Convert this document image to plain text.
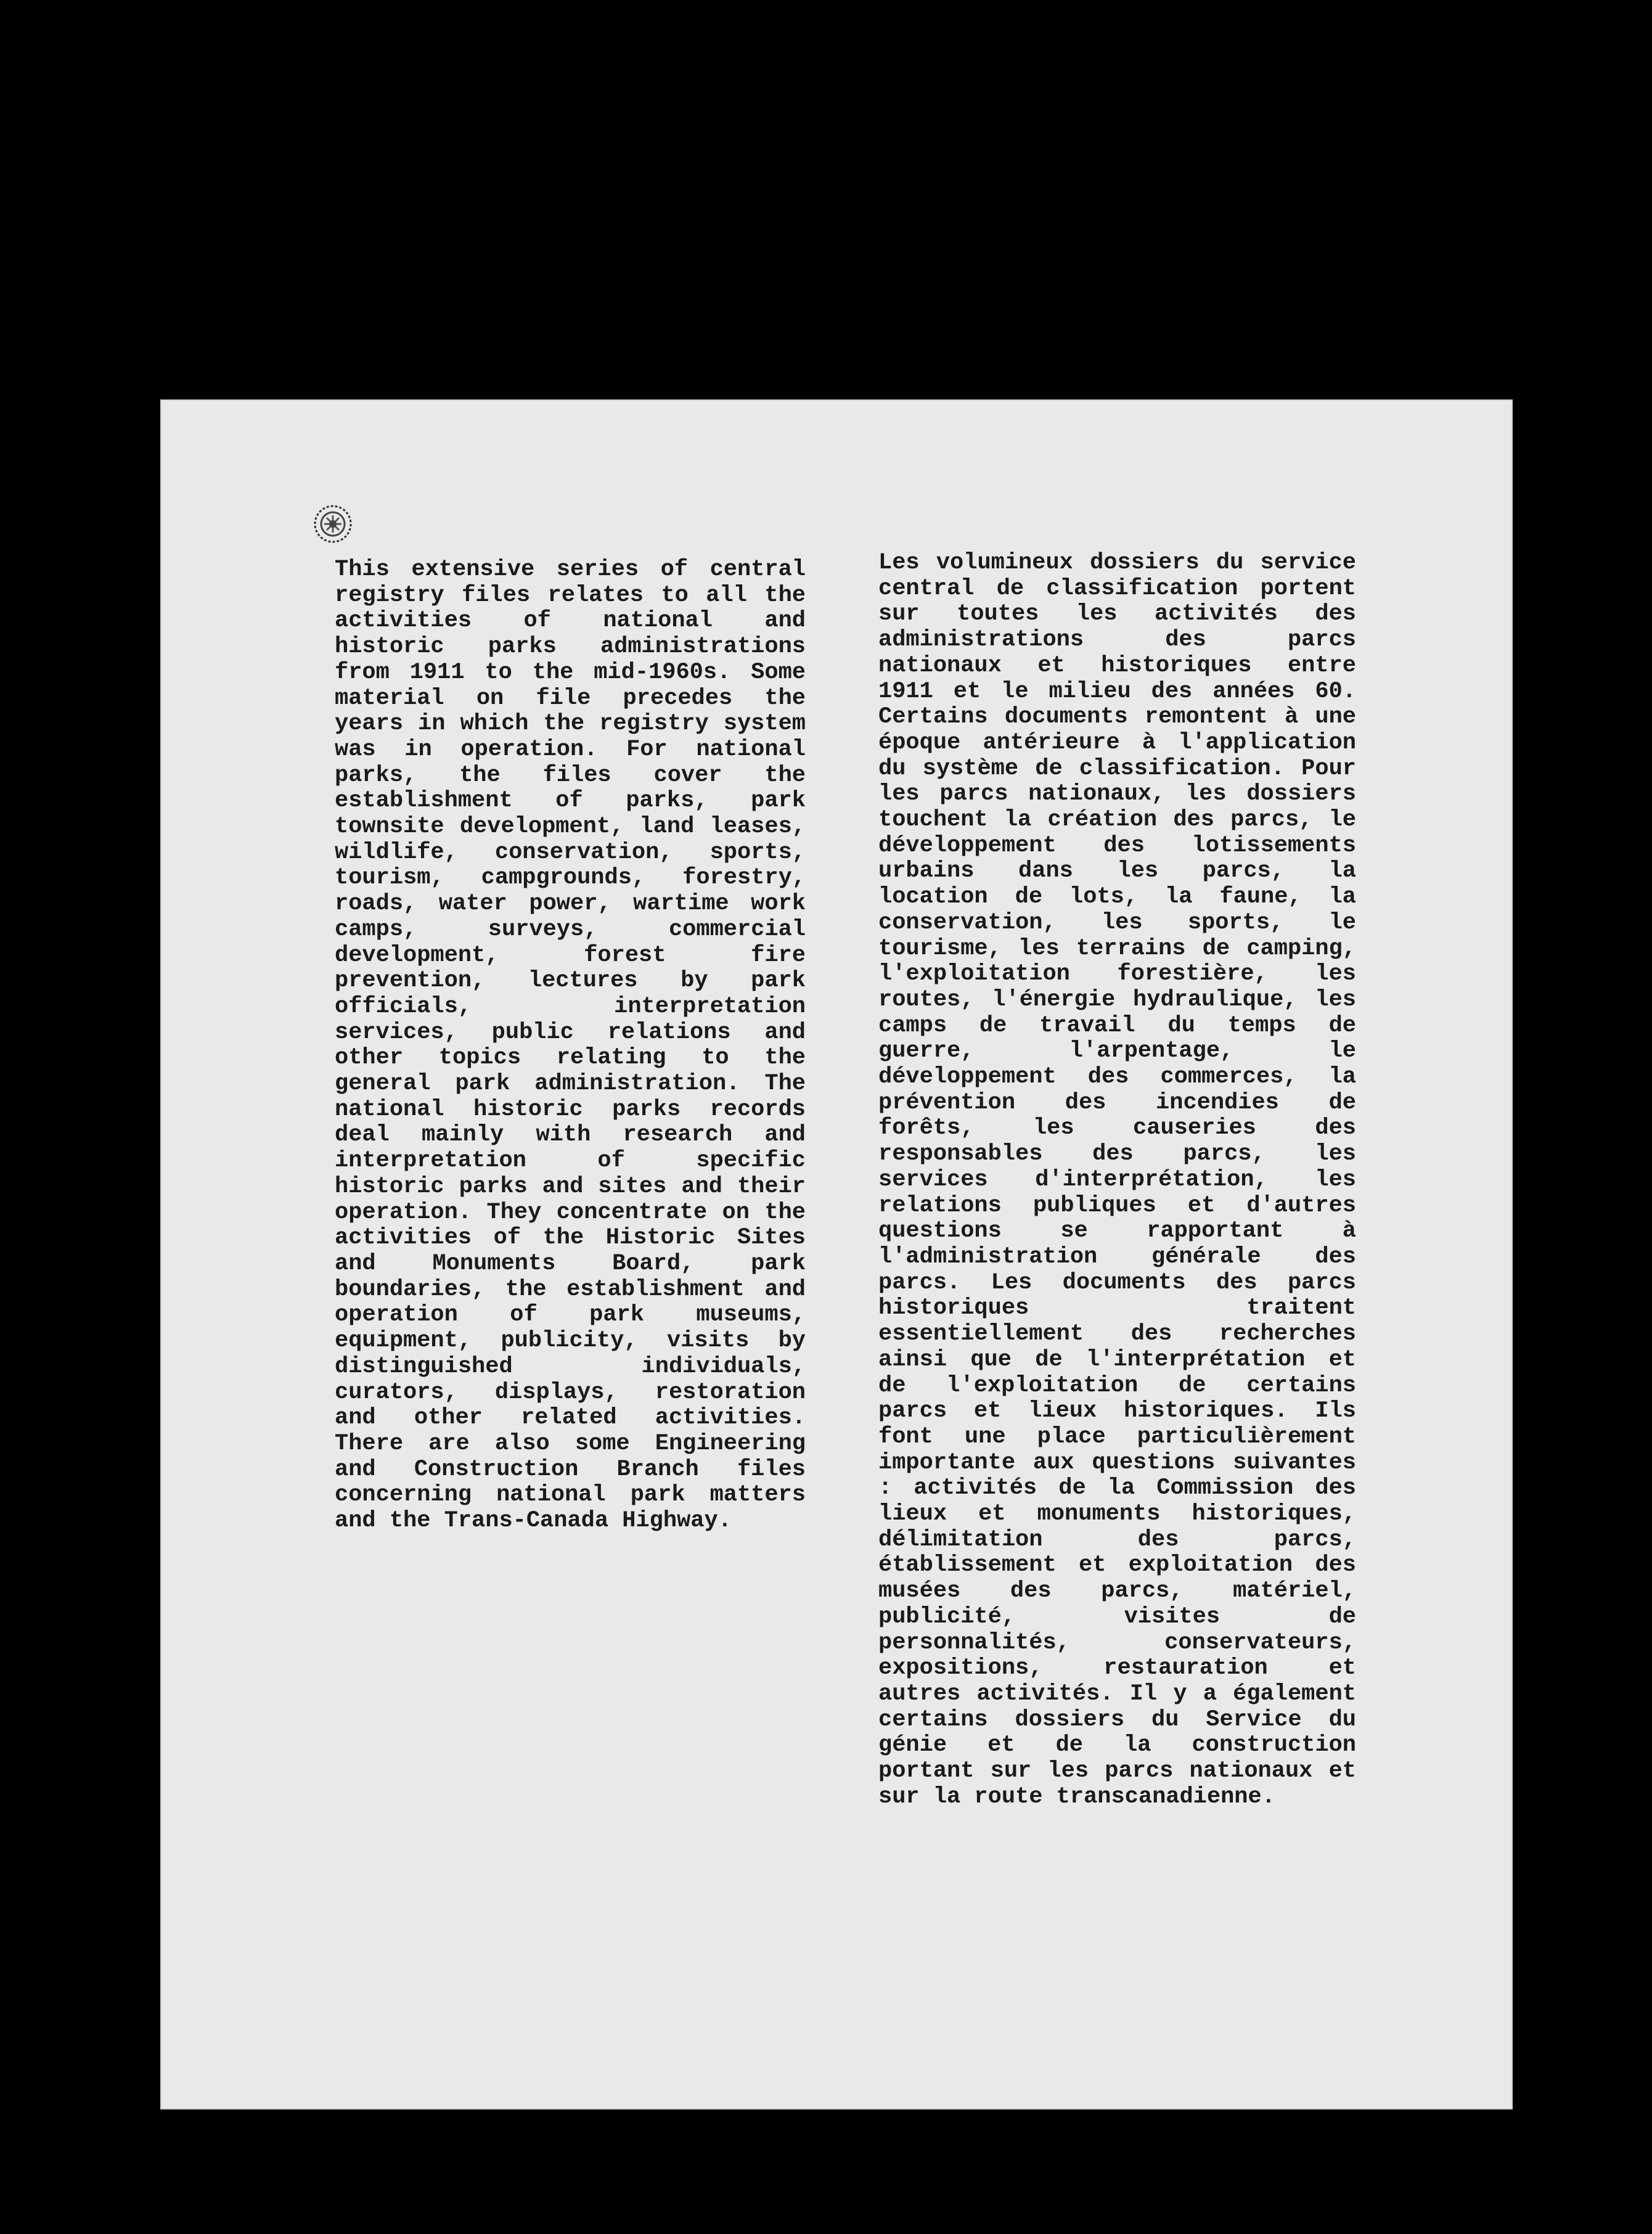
This extensive series of central registry files relates to all the activities of national and historic parks administrations from 1911 to the mid-1960s. Some material on file precedes the years in which the registry system was in operation. For national parks, the files cover the establishment of parks, park townsite development, land leases, wildlife, conservation, sports, tourism, campgrounds, forestry, roads, water power, wartime work camps, surveys, commercial development, forest fire prevention, lectures by park officials, interpretation services, public relations and other topics relating to the general park administration. The national historic parks records deal mainly with research and interpretation of specific historic parks and sites and their operation. They concentrate on the activities of the Historic Sites and Monuments Board, park boundaries, the establishment and operation of park museums, equipment, publicity, visits by distinguished individuals, curators, displays, restoration and other related activities. There are also some Engineering and Construction Branch files concerning national park matters and the Trans-Canada Highway.

Les volumineux dossiers du service central de classification portent sur toutes les activités des administrations des parcs nationaux et historiques entre 1911 et le milieu des années 60. Certains documents remontent à une époque antérieure à l'application du système de classification. Pour les parcs nationaux, les dossiers touchent la création des parcs, le développement des lotissements urbains dans les parcs, la location de lots, la faune, la conservation, les sports, le tourisme, les terrains de camping, l'exploitation forestière, les routes, l'énergie hydraulique, les camps de travail du temps de guerre, l'arpentage, le développement des commerces, la prévention des incendies de forêts, les causeries des responsables des parcs, les services d'interprétation, les relations publiques et d'autres questions se rapportant à l'administration générale des parcs. Les documents des parcs historiques traitent essentiellement des recherches ainsi que de l'interprétation et de l'exploitation de certains parcs et lieux historiques. Ils font une place particulièrement importante aux questions suivantes : activités de la Commission des lieux et monuments historiques, délimitation des parcs, établissement et exploitation des musées des parcs, matériel, publicité, visites de personnalités, conservateurs, expositions, restauration et autres activités. Il y a également certains dossiers du Service du génie et de la construction portant sur les parcs nationaux et sur la route transcanadienne.
